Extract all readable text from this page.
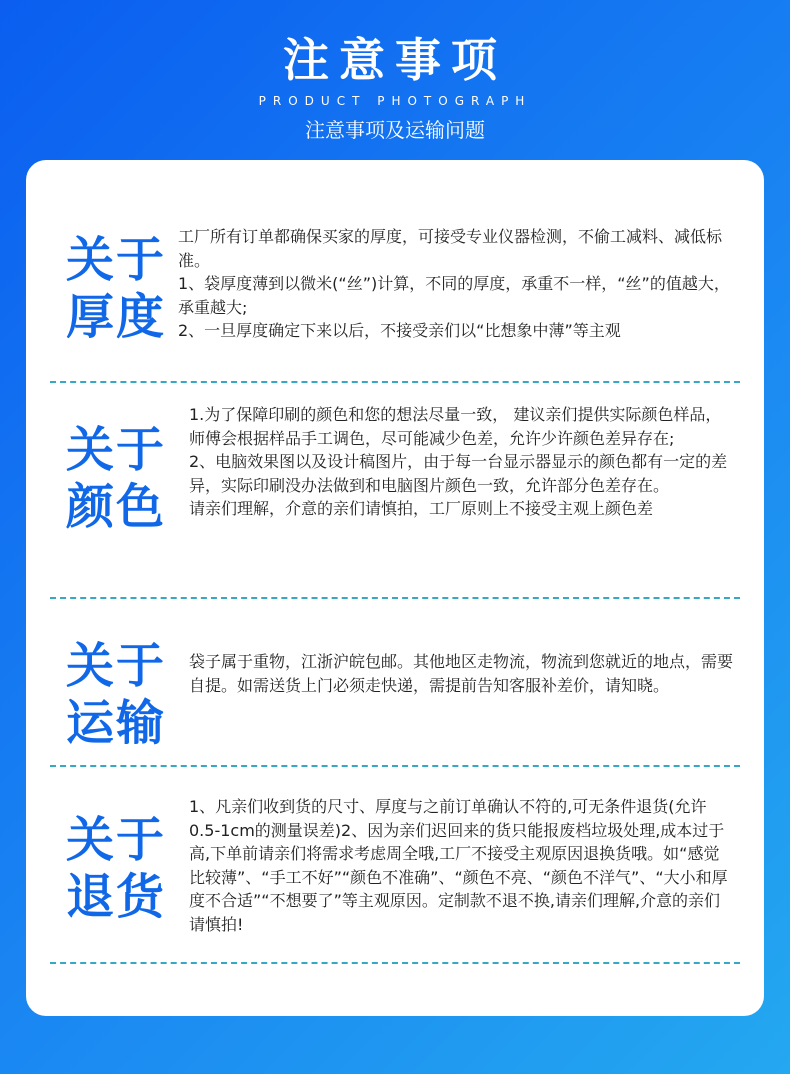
注意事项
PRODUCT PHOTOGRAPH
注意事项及运输问题
关于
厚度
工厂所有订单都确保买家的厚度，可接受专业仪器检测，不偷工减料、减低标准。
1、袋厚度薄到以微米(“丝”)计算，不同的厚度，承重不一样，“丝”的值越大，承重越大;
2、一旦厚度确定下来以后，不接受亲们以“比想象中薄”等主观
关于
颜色
1.为了保障印刷的颜色和您的想法尽量一致， 建议亲们提供实际颜色样品，师傅会根据样品手工调色，尽可能减少色差，允许少许颜色差异存在;
2、电脑效果图以及设计稿图片，由于每一台显示器显示的颜色都有一定的差异，实际印刷没办法做到和电脑图片颜色一致，允许部分色差存在。
请亲们理解，介意的亲们请慎拍，工厂原则上不接受主观上颜色差
关于
运输
袋子属于重物，江浙沪皖包邮。其他地区走物流，物流到您就近的地点，需要自提。如需送货上门必须走快递，需提前告知客服补差价，请知晓。
关于
退货
1、凡亲们收到货的尺寸、厚度与之前订单确认不符的,可无条件退货(允许0.5-1cm的测量误差)2、因为亲们迟回来的货只能报废档垃圾处理,成本过于高,下单前请亲们将需求考虑周全哦,工厂不接受主观原因退换货哦。如“感觉比较薄”、“手工不好”“颜色不准确”、“颜色不亮、“颜色不洋气”、“大小和厚度不合适”“不想要了”等主观原因。定制款不退不换,请亲们理解,介意的亲们请慎拍!
